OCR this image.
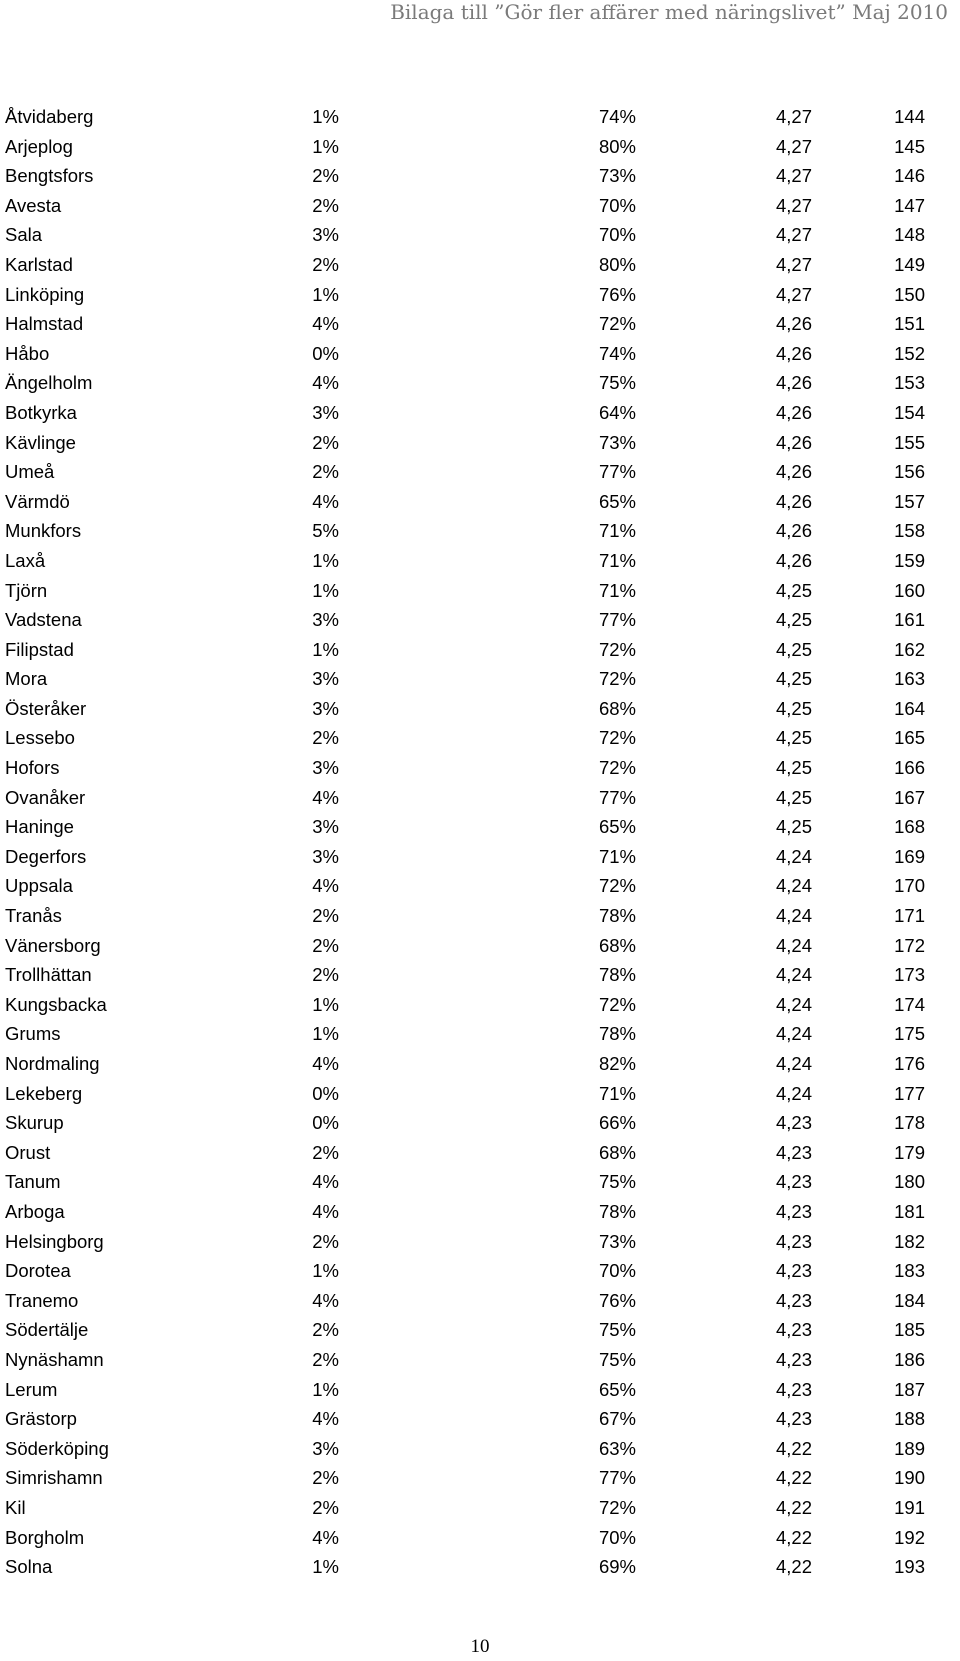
Bilaga till ”Gör fler affärer med näringslivet” Maj 2010
Åtvidaberg	1%	74%	4,27	144
Arjeplog	1%	80%	4,27	145
Bengtsfors	2%	73%	4,27	146
Avesta	2%	70%	4,27	147
Sala	3%	70%	4,27	148
Karlstad	2%	80%	4,27	149
Linköping	1%	76%	4,27	150
Halmstad	4%	72%	4,26	151
Håbo	0%	74%	4,26	152
Ängelholm	4%	75%	4,26	153
Botkyrka	3%	64%	4,26	154
Kävlinge	2%	73%	4,26	155
Umeå	2%	77%	4,26	156
Värmdö	4%	65%	4,26	157
Munkfors	5%	71%	4,26	158
Laxå	1%	71%	4,26	159
Tjörn	1%	71%	4,25	160
Vadstena	3%	77%	4,25	161
Filipstad	1%	72%	4,25	162
Mora	3%	72%	4,25	163
Österåker	3%	68%	4,25	164
Lessebo	2%	72%	4,25	165
Hofors	3%	72%	4,25	166
Ovanåker	4%	77%	4,25	167
Haninge	3%	65%	4,25	168
Degerfors	3%	71%	4,24	169
Uppsala	4%	72%	4,24	170
Tranås	2%	78%	4,24	171
Vänersborg	2%	68%	4,24	172
Trollhättan	2%	78%	4,24	173
Kungsbacka	1%	72%	4,24	174
Grums	1%	78%	4,24	175
Nordmaling	4%	82%	4,24	176
Lekeberg	0%	71%	4,24	177
Skurup	0%	66%	4,23	178
Orust	2%	68%	4,23	179
Tanum	4%	75%	4,23	180
Arboga	4%	78%	4,23	181
Helsingborg	2%	73%	4,23	182
Dorotea	1%	70%	4,23	183
Tranemo	4%	76%	4,23	184
Södertälje	2%	75%	4,23	185
Nynäshamn	2%	75%	4,23	186
Lerum	1%	65%	4,23	187
Grästorp	4%	67%	4,23	188
Söderköping	3%	63%	4,22	189
Simrishamn	2%	77%	4,22	190
Kil	2%	72%	4,22	191
Borgholm	4%	70%	4,22	192
Solna	1%	69%	4,22	193
10
